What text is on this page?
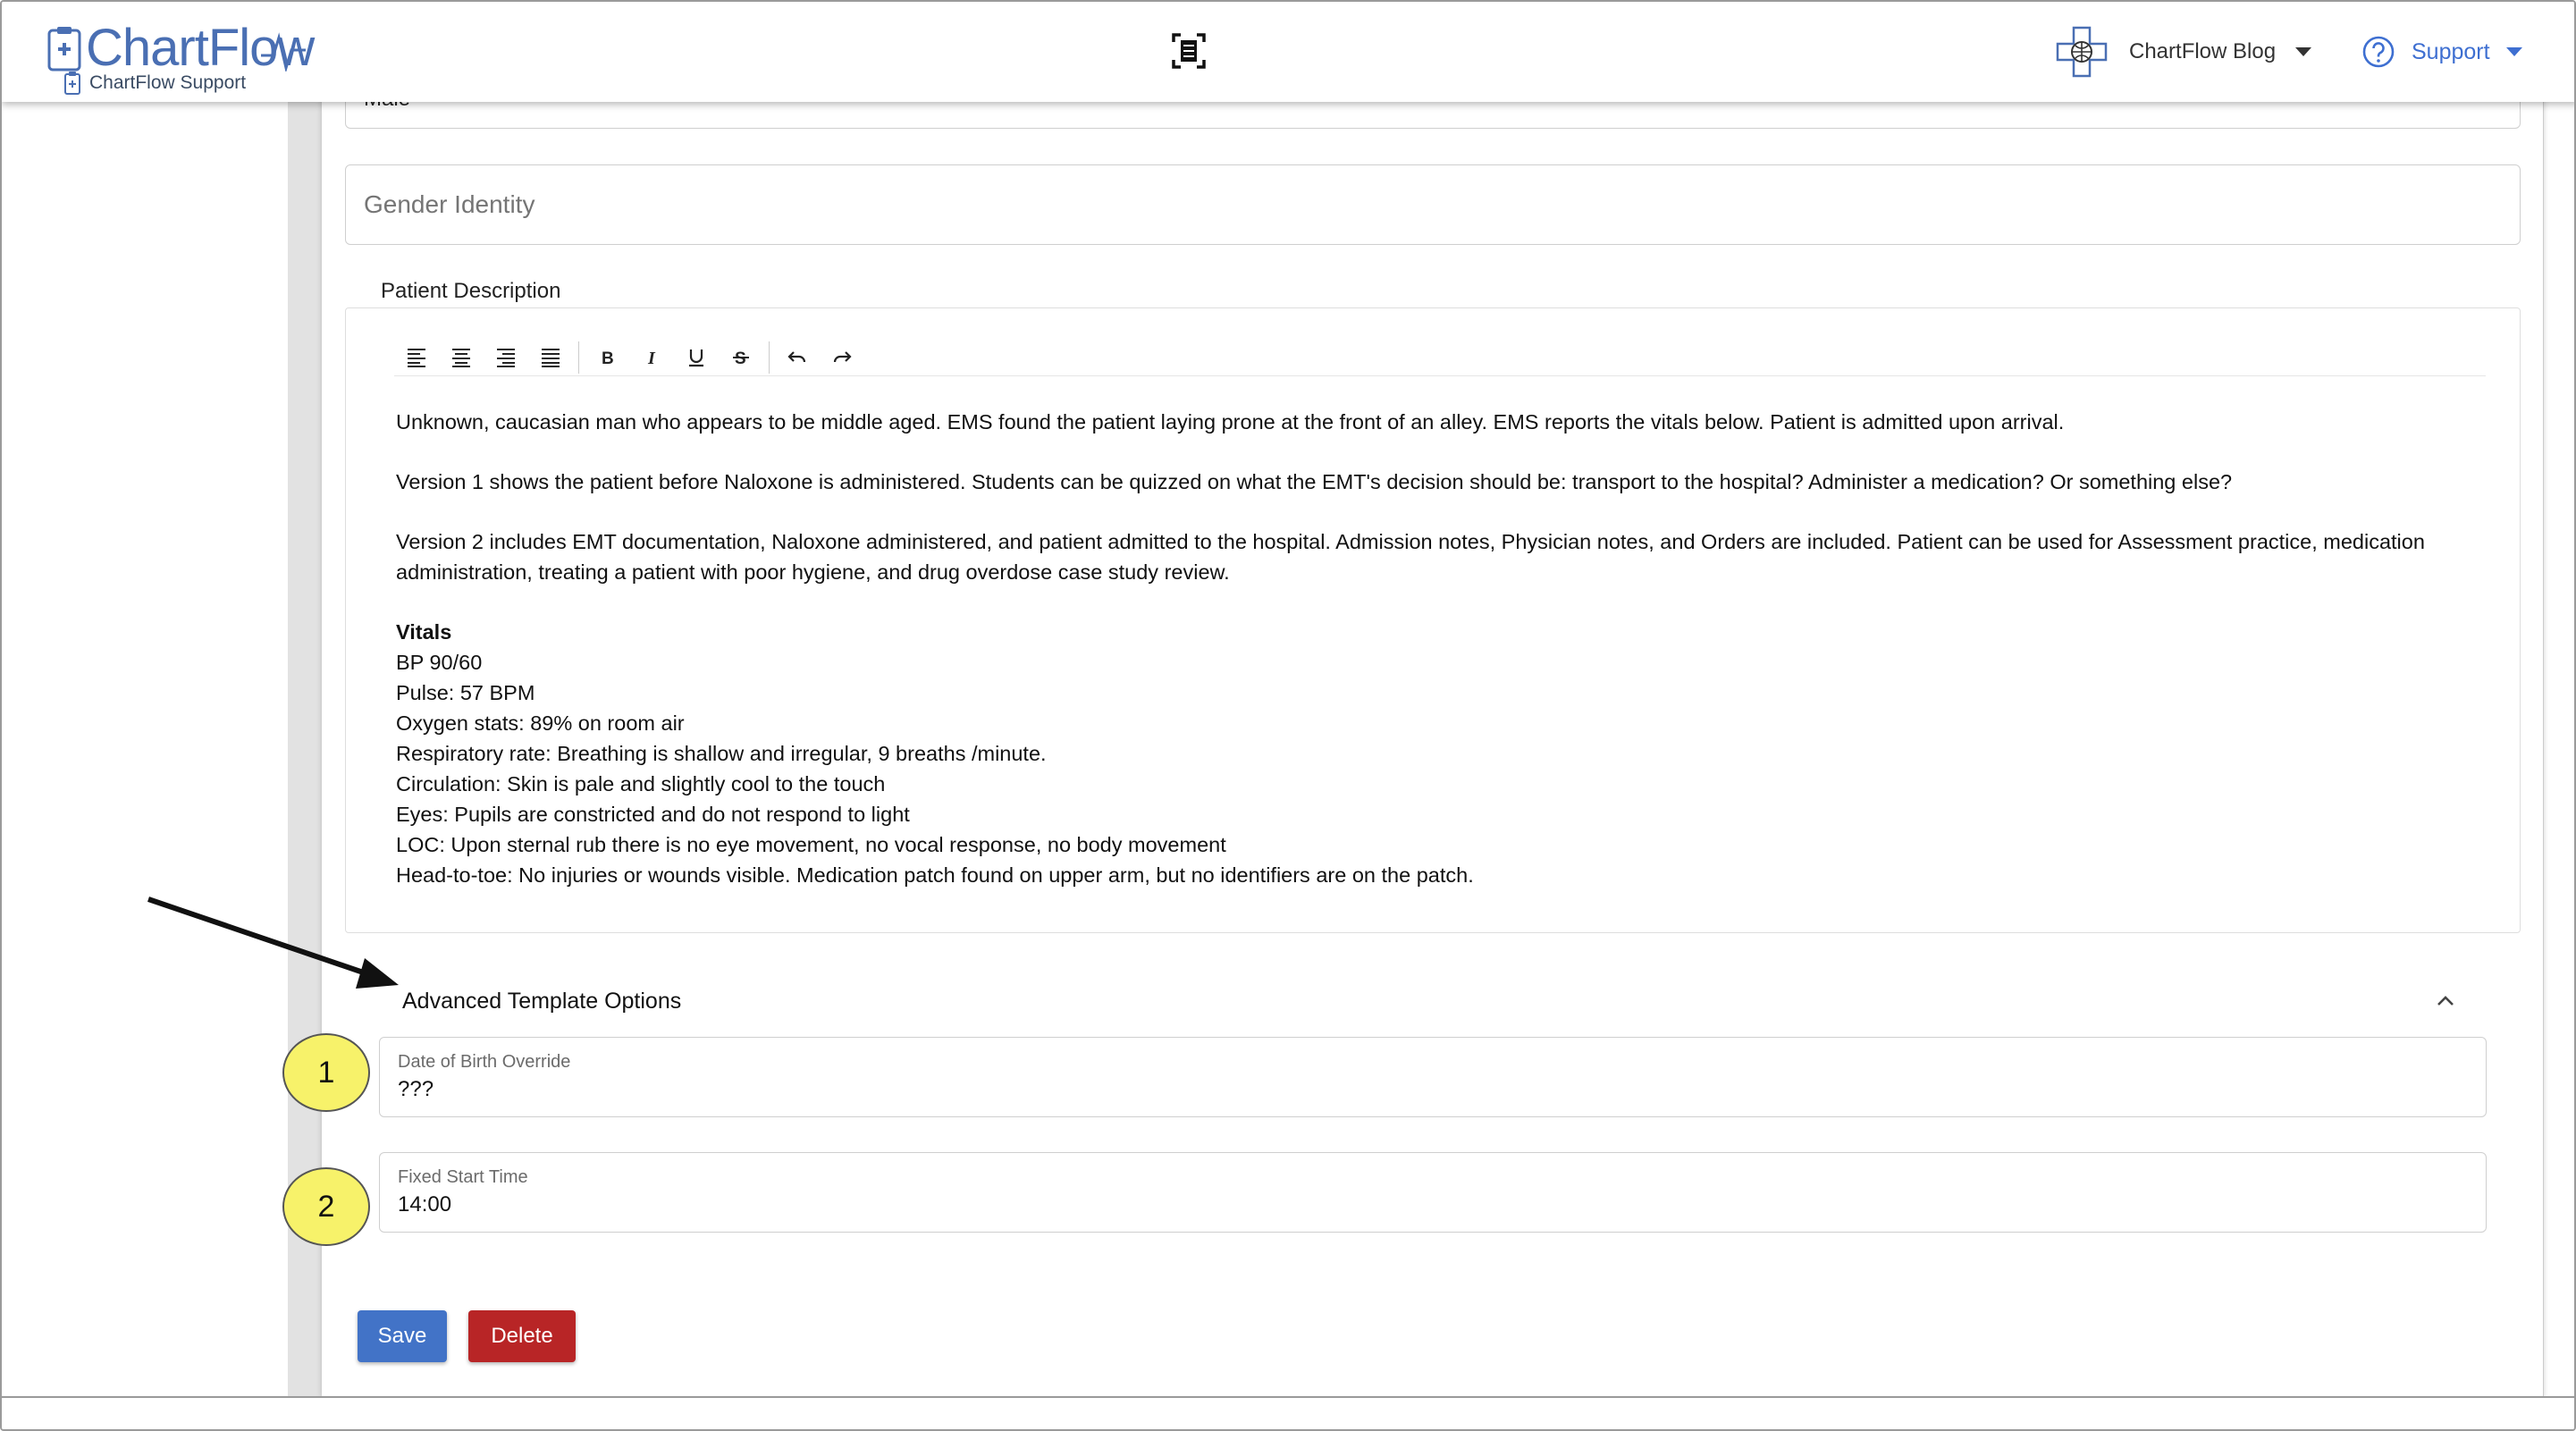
Gender Identity
Patient Description
B I	S

Unknown, caucasian man who appears to be middle aged. EMS found the patient laying prone at the front of an alley. EMS reports the vitals below. Patient is admitted upon arrival.

Version 1 shows the patient before Naloxone is administered. Students can be quizzed on what the EMT's decision should be: transport to the hospital? Administer a medication? Or something else?

Version 2 includes EMT documentation, Naloxone administered, and patient admitted to the hospital. Admission notes, Physician notes, and Orders are included. Patient can be used for Assessment practice, medication administration, treating a patient with poor hygiene, and drug overdose case study review.

Vitals
BP 90/60
Pulse: 57 BPM
Oxygen stats: 89% on room air
Respiratory rate: Breathing is shallow and irregular, 9 breaths /minute.
Circulation: Skin is pale and slightly cool to the touch
Eyes: Pupils are constricted and do not respond to light
LOC: Upon sternal rub there is no eye movement, no vocal response, no body movement
Head-to-toe: No injuries or wounds visible. Medication patch found on upper arm, but no identifiers are on the patch.
Advanced Template Options
Date of Birth Override
???
Fixed Start Time
14:00
1
2
Save	Delete
ChartFlow
ChartFlow Support
ChartFlow Blog	Support
